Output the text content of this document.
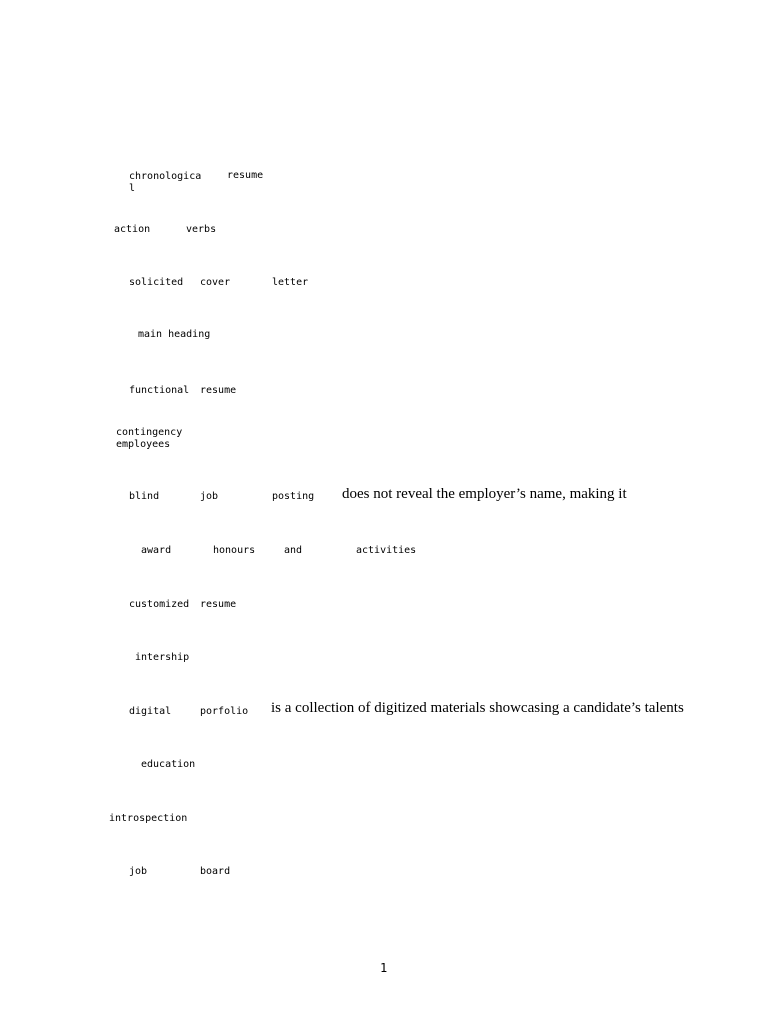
chronologica
l
resume
action	verbs
solicited cover	letter
main heading
functional resume
contingency
employees
blind	job	posting does not reveal the employer’s name, making it
award	honours	and	activities
customized resume
intership
digital	porfolio is a collection of digitized materials showcasing a candidate’s talents
education
introspection
job	board
1
